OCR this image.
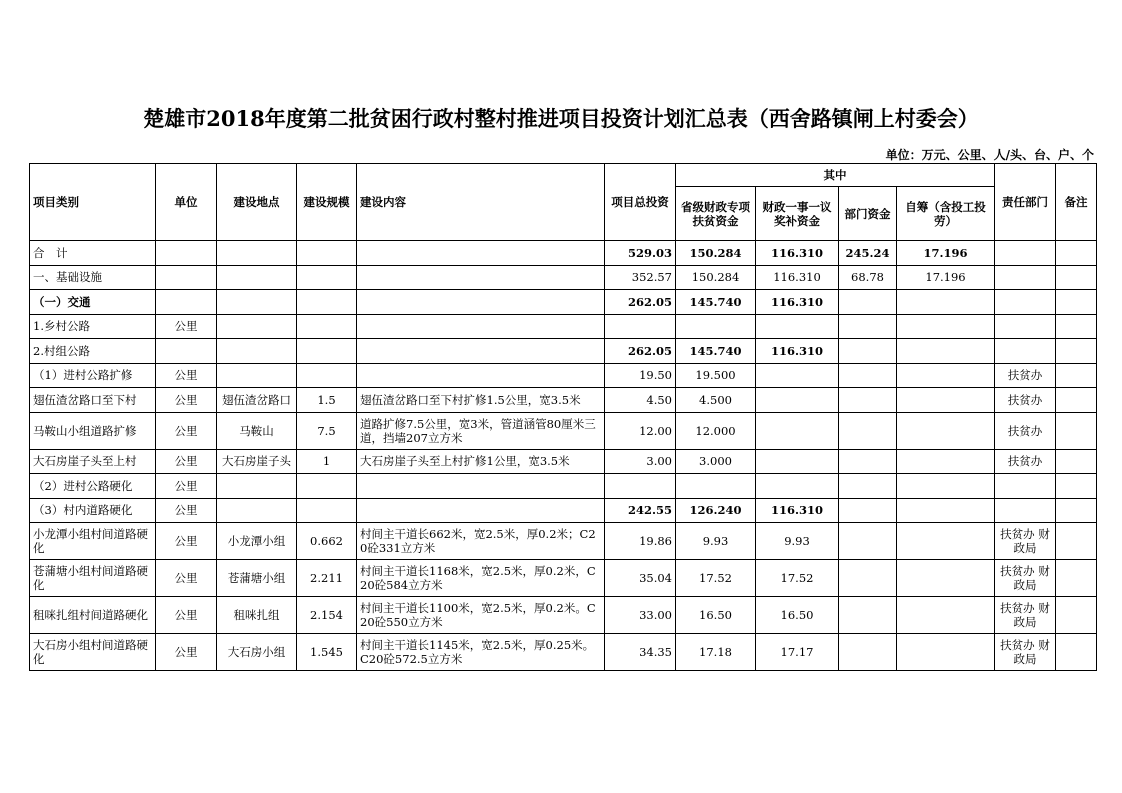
楚雄市2018年度第二批贫困行政村整村推进项目投资计划汇总表（西舍路镇闸上村委会）
单位：万元、公里、人/头、台、户、个
项目类别	单位	建设地点	建设规模	建设内容	项目总投资	其中				责任部门	备注
						省级财政专项扶贫资金	财政一事一议奖补资金	部门资金	自筹（含投工投劳）		
合　计					529.03	150.284	116.310	245.24	17.196		
一、基础设施					352.57	150.284	116.310	68.78	17.196		
（一）交通					262.05	145.740	116.310				
1.乡村公路	公里										
2.村组公路					262.05	145.740	116.310				
（1）进村公路扩修	公里				19.50	19.500				扶贫办	
翅伍渣岔路口至下村	公里	翅伍渣岔路口	1.5	翅伍渣岔路口至下村扩修1.5公里，宽3.5米	4.50	4.500				扶贫办	
马鞍山小组道路扩修	公里	马鞍山	7.5	道路扩修7.5公里，宽3米，管道涵管80厘米三道，挡墙207立方米	12.00	12.000				扶贫办	
大石房崖子头至上村	公里	大石房崖子头	1	大石房崖子头至上村扩修1公里，宽3.5米	3.00	3.000				扶贫办	
（2）进村公路硬化	公里										
（3）村内道路硬化	公里				242.55	126.240	116.310				
小龙潭小组村间道路硬化	公里	小龙潭小组	0.662	村间主干道长662米，宽2.5米，厚0.2米；C20砼331立方米	19.86	9.93	9.93			扶贫办 财政局	
苍蒲塘小组村间道路硬化	公里	苍蒲塘小组	2.211	村间主干道长1168米，宽2.5米，厚0.2米，C20砼584立方米	35.04	17.52	17.52			扶贫办 财政局	
租咪扎组村间道路硬化	公里	租咪扎组	2.154	村间主干道长1100米，宽2.5米，厚0.2米。C20砼550立方米	33.00	16.50	16.50			扶贫办 财政局	
大石房小组村间道路硬化	公里	大石房小组	1.545	村间主干道长1145米，宽2.5米，厚0.25米。C20砼572.5立方米	34.35	17.18	17.17			扶贫办 财政局	
